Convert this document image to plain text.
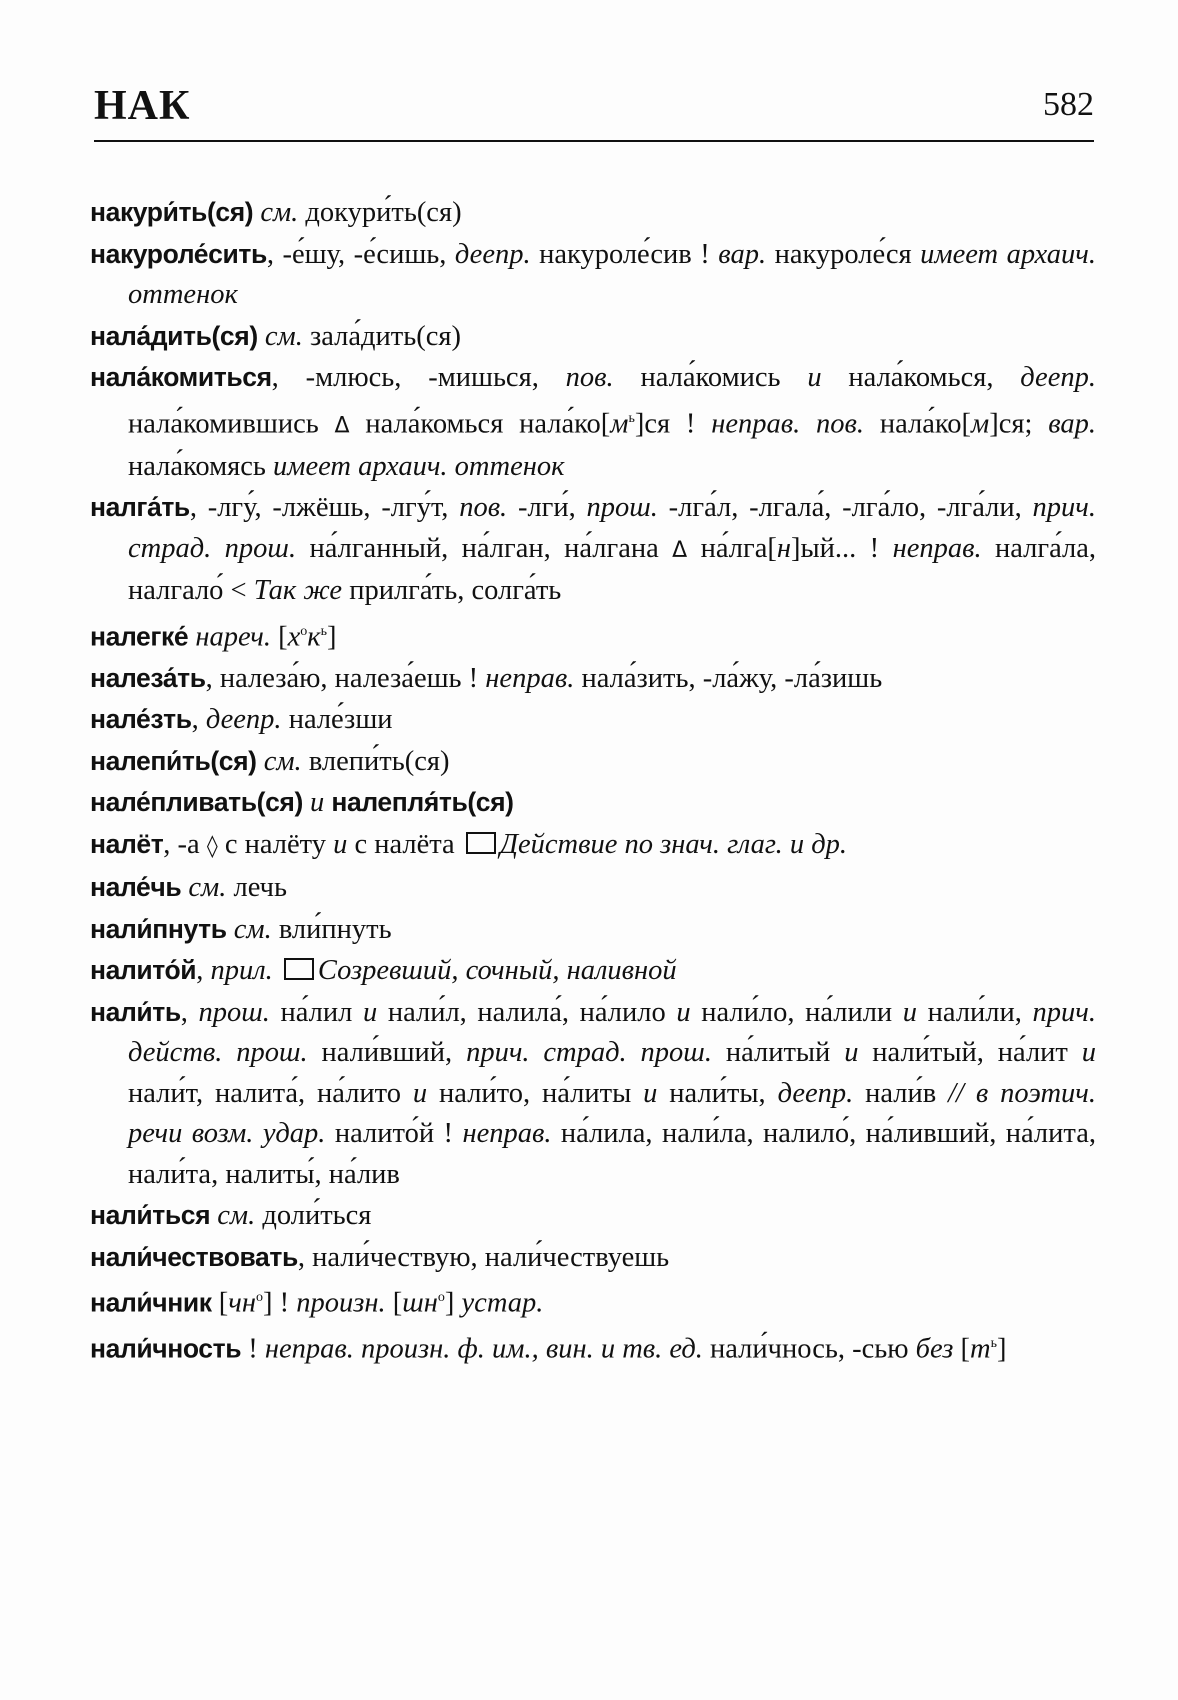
НАК	582
накури́ть(ся) см. докури́ть(ся)
накуроле́сить, -е́шу, -е́сишь, деепр. накуроле́сив ! вар. накуроле́ся имеет архаич. оттенок
нала́дить(ся) см. зала́дить(ся)
нала́комиться, -млюсь, -мишься, пов. нала́комись и нала́комься, деепр. нала́комившись Δ нала́комься $нала́ко[м^ь]ся$ ! неправ. пов. нала́ко[м]ся; вар. нала́комясь имеет архаич. оттенок
налга́ть, -лгу́, -лжёшь, -лгу́т, пов. -лги́, прош. -лга́л, -лгала́, -лга́ло, -лга́ли, прич. страд. прош. на́лганный, на́лган, на́лгана Δ на́лга[н]ый... ! неправ. налга́ла, налгало́ < Так же прилга́ть, солга́ть
налегке́ нареч. $[х^ок^ь]$
налеза́ть, налеза́ю, налеза́ешь ! неправ. нала́зить, -ла́жу, -ла́зишь
нале́зть, деепр. нале́зши
налепи́ть(ся) см. влепи́ть(ся)
нале́пливать(ся) и налепля́ть(ся)
налёт, -а ◊ с налёту и с налёта Действие по знач. глаг. и др.
нале́чь см. лечь
нали́пнуть см. вли́пнуть
налито́й, прил. Созревший, сочный, наливной
нали́ть, прош. на́лил и нали́л, налила́, на́лило и нали́ло, на́лили и нали́ли, прич. действ. прош. нали́вший, прич. страд. прош. на́литый и нали́тый, на́лит и нали́т, налита́, на́лито и нали́то, на́литы и нали́ты, деепр. нали́в // в поэтич. речи возм. удар. налито́й ! неправ. на́лила, нали́ла, налило́, на́ливший, на́лита, нали́та, налиты́, на́лив
нали́ться см. доли́ться
нали́чествовать, нали́чествую, нали́чествуешь
нали́чник $[чн^о]$ ! произн. $[шн^о]$ устар.
нали́чность ! неправ. произн. ф. им., вин. и тв. ед. нали́чнось, -сью без $[т^ь]$
